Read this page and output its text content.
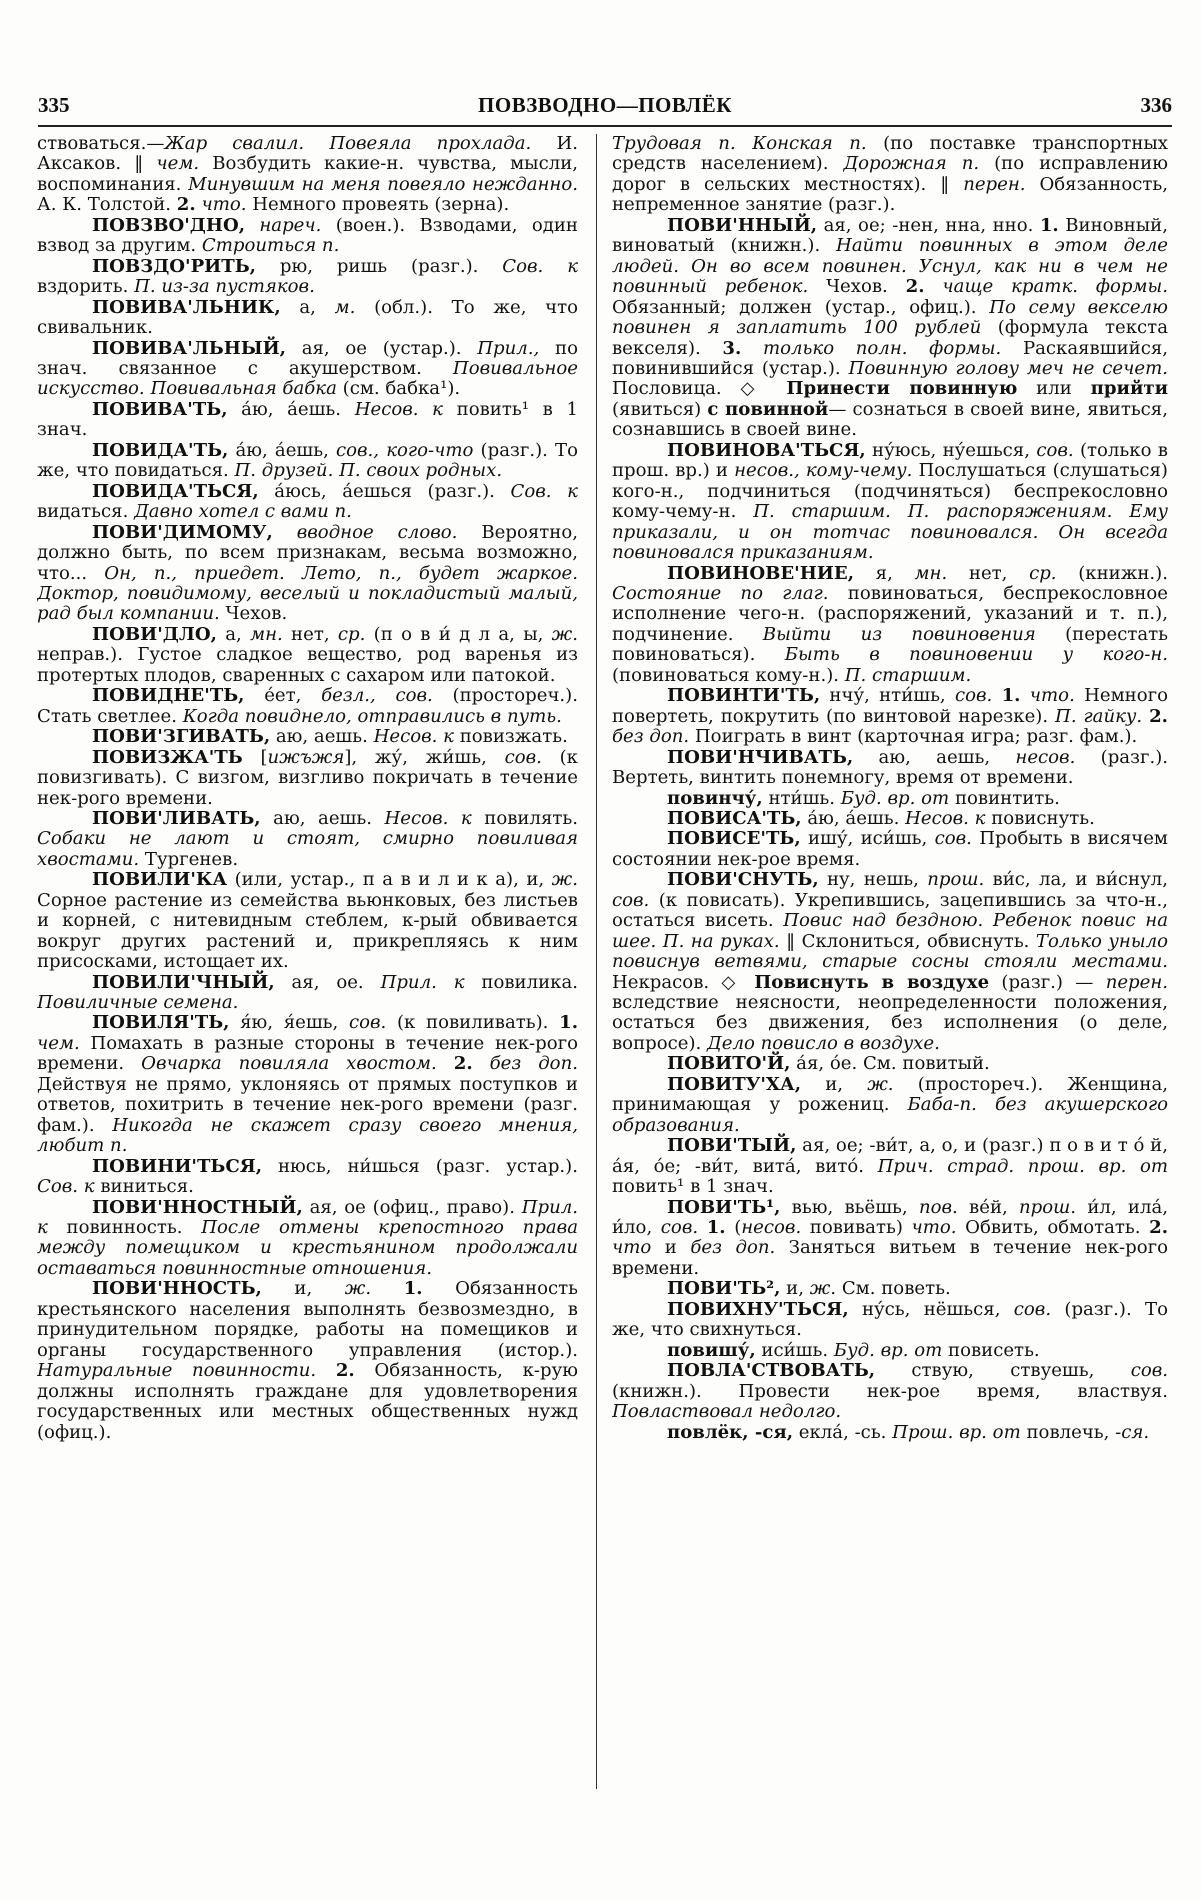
335	ПОВЗВОДНО—ПОВЛЁК	336

ствоваться.—Жар свалил. Повеяла прохлада. И. Аксаков. ‖ чем. Возбудить какие-н. чувства, мысли, воспоминания. Минувшим на меня повеяло нежданно. А. К. Толстой. 2. что. Немного провеять (зерна).

ПОВЗВО'ДНО, нареч. (воен.). Взводами, один взвод за другим. Строиться п.

ПОВЗДО'РИТЬ, рю, ришь (разг.). Сов. к вздорить. П. из-за пустяков.

ПОВИВА'ЛЬНИК, а, м. (обл.). То же, что свивальник.

ПОВИВА'ЛЬНЫЙ, ая, ое (устар.). Прил., по знач. связанное с акушерством. Повивальное искусство. Повивальная бабка (см. бабка¹).

ПОВИВА'ТЬ, а́ю, а́ешь. Несов. к повить¹ в 1 знач.

ПОВИДА'ТЬ, а́ю, а́ешь, сов., кого-что (разг.). То же, что повидаться. П. друзей. П. своих родных.

ПОВИДА'ТЬСЯ, а́юсь, а́ешься (разг.). Сов. к видаться. Давно хотел с вами п.

ПОВИ'ДИМОМУ, вводное слово. Вероятно, должно быть, по всем признакам, весьма возможно, что... Он, п., приедет. Лето, п., будет жаркое. Доктор, повидимому, веселый и покладистый малый, рад был компании. Чехов.

ПОВИ'ДЛО, а, мн. нет, ср. (п о в и́ д л а, ы, ж. неправ.). Густое сладкое вещество, род варенья из протертых плодов, сваренных с сахаром или патокой.

ПОВИДНЕ'ТЬ, е́ет, безл., сов. (простореч.). Стать светлее. Когда повиднело, отправились в путь.

ПОВИ'ЗГИВАТЬ, аю, аешь. Несов. к повизжать.

ПОВИЗЖА'ТЬ [ижъжя], жу́, жи́шь, сов. (к повизгивать). С визгом, визгливо покричать в течение нек-рого времени.

ПОВИ'ЛИВАТЬ, аю, аешь. Несов. к повилять. Собаки не лают и стоят, смирно повиливая хвостами. Тургенев.

ПОВИЛИ'КА (или, устар., п а в и л и к а), и, ж. Сорное растение из семейства вьюнковых, без листьев и корней, с нитевидным стеблем, к-рый обвивается вокруг других растений и, прикрепляясь к ним присосками, истощает их.

ПОВИЛИ'ЧНЫЙ, ая, ое. Прил. к повилика. Повиличные семена.

ПОВИЛЯ'ТЬ, я́ю, я́ешь, сов. (к повиливать). 1. чем. Помахать в разные стороны в течение нек-рого времени. Овчарка повиляла хвостом. 2. без доп. Действуя не прямо, уклоняясь от прямых поступков и ответов, похитрить в течение нек-рого времени (разг. фам.). Никогда не скажет сразу своего мнения, любит п.

ПОВИНИ'ТЬСЯ, нюсь, ни́шься (разг. устар.). Сов. к виниться.

ПОВИ'ННОСТНЫЙ, ая, ое (офиц., право). Прил. к повинность. После отмены крепостного права между помещиком и крестьянином продолжали оставаться повинностные отношения.

ПОВИ'ННОСТЬ, и, ж. 1. Обязанность крестьянского населения выполнять безвозмездно, в принудительном порядке, работы на помещиков и органы государственного управления (истор.). Натуральные повинности. 2. Обязанность, к-рую должны исполнять граждане для удовлетворения государственных или местных общественных нужд (офиц.).

Трудовая п. Конская п. (по поставке транспортных средств населением). Дорожная п. (по исправлению дорог в сельских местностях). ‖ перен. Обязанность, непременное занятие (разг.).

ПОВИ'ННЫЙ, ая, ое; -нен, нна, нно. 1. Виновный, виноватый (книжн.). Найти повинных в этом деле людей. Он во всем повинен. Уснул, как ни в чем не повинный ребенок. Чехов. 2. чаще кратк. формы. Обязанный; должен (устар., офиц.). По сему векселю повинен я заплатить 100 рублей (формула текста векселя). 3. только полн. формы. Раскаявшийся, повинившийся (устар.). Повинную голову меч не сечет. Пословица. ◇ Принести повинную или прийти (явиться) с повинной— сознаться в своей вине, явиться, сознавшись в своей вине.

ПОВИНОВА'ТЬСЯ, ну́юсь, ну́ешься, сов. (только в прош. вр.) и несов., кому-чему. Послушаться (слушаться) кого-н., подчиниться (подчиняться) беспрекословно кому-чему-н. П. старшим. П. распоряжениям. Ему приказали, и он тотчас повиновался. Он всегда повиновался приказаниям.

ПОВИНОВЕ'НИЕ, я, мн. нет, ср. (книжн.). Состояние по глаг. повиноваться, беспрекословное исполнение чего-н. (распоряжений, указаний и т. п.), подчинение. Выйти из повиновения (перестать повиноваться). Быть в повиновении у кого-н. (повиноваться кому-н.). П. старшим.

ПОВИНТИ'ТЬ, нчу́, нти́шь, сов. 1. что. Немного повертеть, покрутить (по винтовой нарезке). П. гайку. 2. без доп. Поиграть в винт (карточная игра; разг. фам.).

ПОВИ'НЧИВАТЬ, аю, аешь, несов. (разг.). Вертеть, винтить понемногу, время от времени.

повинчу́, нти́шь. Буд. вр. от повинтить.

ПОВИСА'ТЬ, а́ю, а́ешь. Несов. к повиснуть.

ПОВИСЕ'ТЬ, ишу́, иси́шь, сов. Пробыть в висячем состоянии нек-рое время.

ПОВИ'СНУТЬ, ну, нешь, прош. ви́с, ла, и ви́снул, сов. (к повисать). Укрепившись, зацепившись за что-н., остаться висеть. Повис над бездною. Ребенок повис на шее. П. на руках. ‖ Склониться, обвиснуть. Только уныло повиснув ветвями, старые сосны стояли местами. Некрасов. ◇ Повиснуть в воздухе (разг.) — перен. вследствие неясности, неопределенности положения, остаться без движения, без исполнения (о деле, вопросе). Дело повисло в воздухе.

ПОВИТО'Й, а́я, о́е. См. повитый.

ПОВИТУ'ХА, и, ж. (простореч.). Женщина, принимающая у рожениц. Баба-п. без акушерского образования.

ПОВИ'ТЫЙ, ая, ое; -ви́т, а, о, и (разг.) п о в и т о́ й, а́я, о́е; -ви́т, вита́, вито́. Прич. страд. прош. вр. от повить¹ в 1 знач.

ПОВИ'ТЬ¹, вью, вьёшь, пов. ве́й, прош. и́л, ила́, и́ло, сов. 1. (несов. повивать) что. Обвить, обмотать. 2. что и без доп. Заняться витьем в течение нек-рого времени.

ПОВИ'ТЬ², и, ж. См. поветь.

ПОВИХНУ'ТЬСЯ, ну́сь, нёшься, сов. (разг.). То же, что свихнуться.

повишу́, иси́шь. Буд. вр. от повисеть.

ПОВЛА'СТВОВАТЬ, ствую, ствуешь, сов. (книжн.). Провести нек-рое время, властвуя. Повластвовал недолго.

повлёк, -ся, екла́, -сь. Прош. вр. от повлечь, -ся.
